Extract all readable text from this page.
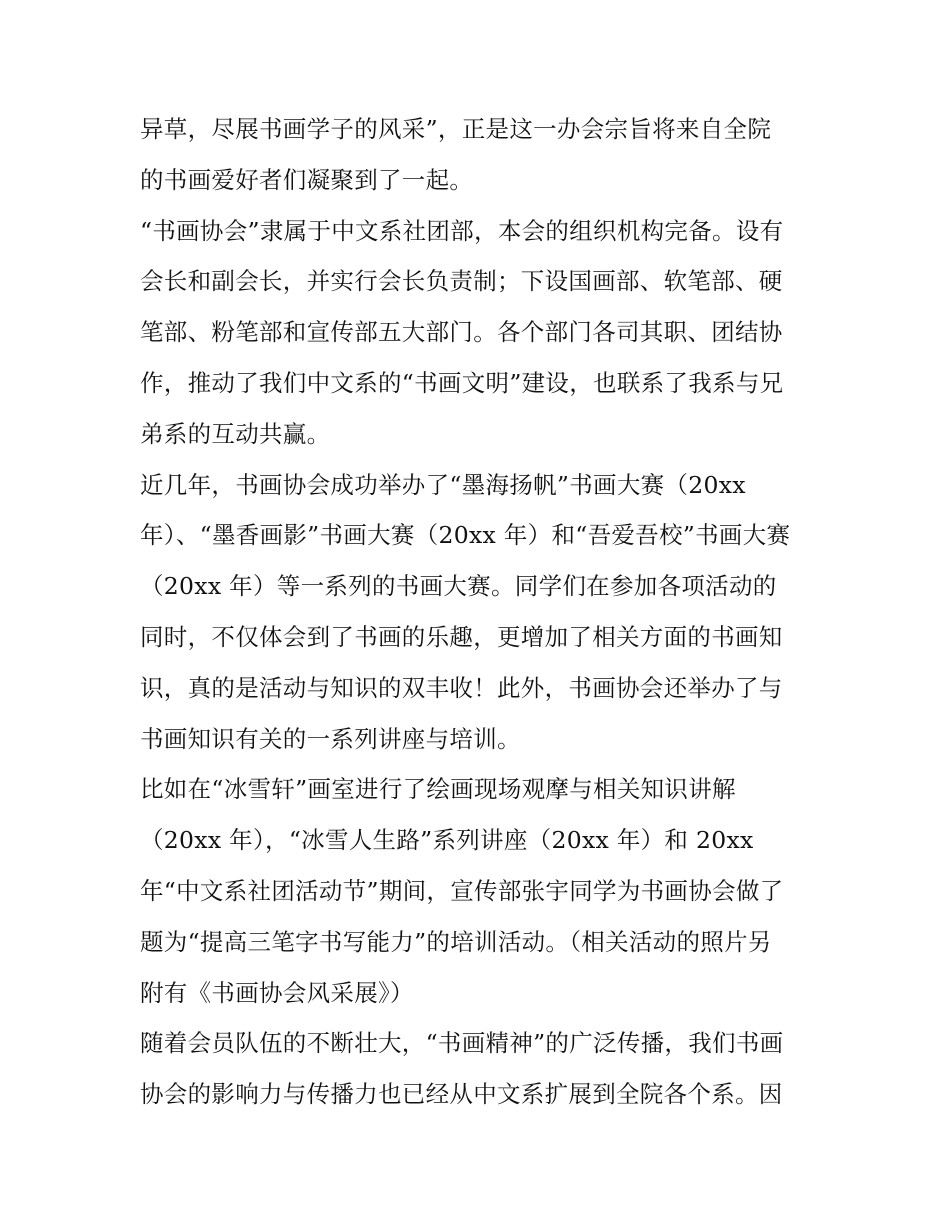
异草，尽展书画学子的风采”，正是这一办会宗旨将来自全院
的书画爱好者们凝聚到了一起。
“书画协会”隶属于中文系社团部，本会的组织机构完备。设有
会长和副会长，并实行会长负责制；下设国画部、软笔部、硬
笔部、粉笔部和宣传部五大部门。各个部门各司其职、团结协
作，推动了我们中文系的“书画文明”建设，也联系了我系与兄
弟系的互动共赢。
近几年，书画协会成功举办了“墨海扬帆”书画大赛（20xx
年）、“墨香画影”书画大赛（20xx 年）和“吾爱吾校”书画大赛
（20xx 年）等一系列的书画大赛。同学们在参加各项活动的
同时，不仅体会到了书画的乐趣，更增加了相关方面的书画知
识，真的是活动与知识的双丰收！此外，书画协会还举办了与
书画知识有关的一系列讲座与培训。
比如在“冰雪轩”画室进行了绘画现场观摩与相关知识讲解
（20xx 年），“冰雪人生路”系列讲座（20xx 年）和 20xx
年“中文系社团活动节”期间，宣传部张宇同学为书画协会做了
题为“提高三笔字书写能力”的培训活动。（相关活动的照片另
附有《书画协会风采展》）
随着会员队伍的不断壮大，“书画精神”的广泛传播，我们书画
协会的影响力与传播力也已经从中文系扩展到全院各个系。因
